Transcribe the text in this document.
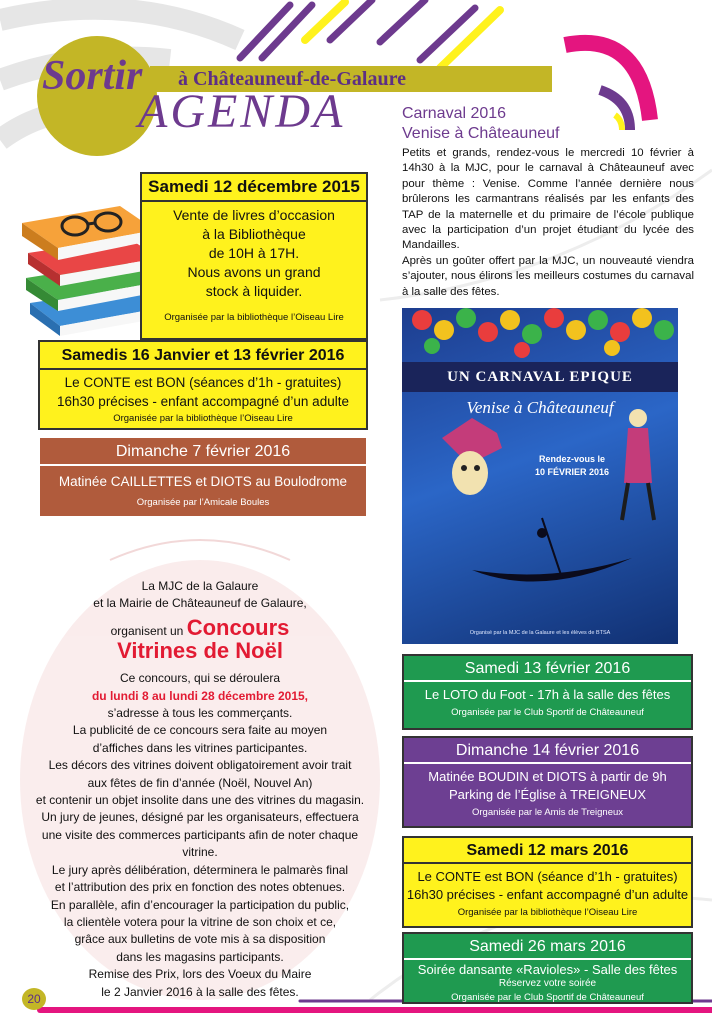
Sortir à Châteauneuf-de-Galaure
AGENDA
Samedi 12 décembre 2015
Vente de livres d’occasion
à la Bibliothèque
de 10H à 17H.
Nous avons un grand
stock à liquider.
Organisée par la bibliothèque l’Oiseau Lire
Samedis 16 Janvier et 13 février 2016
Le CONTE est BON (séances d’1h - gratuites)
16h30 précises - enfant accompagné d’un adulte
Organisée par la bibliothèque l’Oiseau Lire
Dimanche 7 février 2016
Matinée CAILLETTES et DIOTS au Boulodrome
Organisée par l’Amicale Boules
La MJC de la Galaure
et la Mairie de Châteauneuf de Galaure,
organisent un Concours
Vitrines de Noël
Ce concours, qui se déroulera
du lundi 8 au lundi 28 décembre 2015,
s’adresse à tous les commerçants.
La publicité de ce concours sera faite au moyen
d’affiches dans les vitrines participantes.
Les décors des vitrines doivent obligatoirement avoir trait
aux fêtes de fin d’année (Noël, Nouvel An)
et contenir un objet insolite dans une des vitrines du magasin.
Un jury de jeunes, désigné par les organisateurs, effectuera
une visite des commerces participants afin de noter chaque vitrine.
Le jury après délibération, déterminera le palmarès final
et l’attribution des prix en fonction des notes obtenues.
En parallèle, afin d’encourager la participation du public,
la clientèle votera pour la vitrine de son choix et ce,
grâce aux bulletins de vote mis à sa disposition
dans les magasins participants.
Remise des Prix, lors des Voeux du Maire
le 2 Janvier 2016 à la salle des fêtes.
Carnaval 2016
Venise à Châteauneuf
Petits et grands, rendez-vous le mercredi 10 février à 14h30 à la MJC, pour le carnaval à Châteauneuf avec pour thème : Venise. Comme l’année dernière nous brûlerons les carmantrans réalisés par les enfants des TAP de la maternelle et du primaire de l’école publique avec la participation d’un projet étudiant du lycée des Mandailles.
Après un goûter offert par la MJC, un nouveauté viendra s’ajouter, nous élirons les meilleurs costumes du carnaval à la salle des fêtes.
UN CARNAVAL EPIQUE
Venise à Châteauneuf
Rendez-vous le
10 FÉVRIER 2016
Organisé par la MJC de la Galaure et les élèves de BTSA
Samedi 13 février 2016
Le LOTO du Foot - 17h à la salle des fêtes
Organisée par le Club Sportif de Châteauneuf
Dimanche 14 février 2016
Matinée BOUDIN et DIOTS à partir de 9h
Parking de l’Église à TREIGNEUX
Organisée par le Amis de Treigneux
Samedi 12 mars 2016
Le CONTE est BON (séance d’1h - gratuites)
16h30 précises - enfant accompagné d’un adulte
Organisée par la bibliothèque l’Oiseau Lire
Samedi 26 mars 2016
Soirée dansante «Ravioles» - Salle des fêtes
Réservez votre soirée
Organisée par le Club Sportif de Châteauneuf
20
